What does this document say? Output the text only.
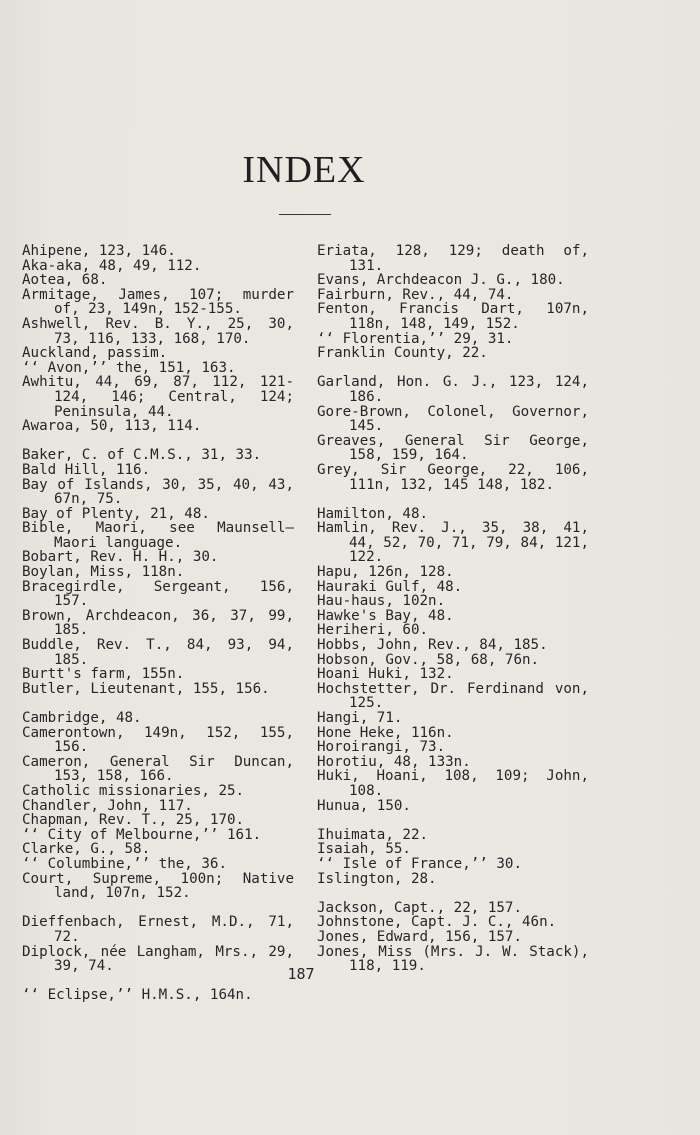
INDEX
Ahipene, 123, 146.
Aka-aka, 48, 49, 112.
Aotea, 68.
Armitage, James, 107; murder of, 23, 149n, 152-155.
Ashwell, Rev. B. Y., 25, 30, 73, 116, 133, 168, 170.
Auckland, passim.
‘‘ Avon,’’ the, 151, 163.
Awhitu, 44, 69, 87, 112, 121-124, 146; Central, 124; Peninsula, 44.
Awaroa, 50, 113, 114.
Baker, C. of C.M.S., 31, 33.
Bald Hill, 116.
Bay of Islands, 30, 35, 40, 43, 67n, 75.
Bay of Plenty, 21, 48.
Bible, Maori, see Maunsell— Maori language.
Bobart, Rev. H. H., 30.
Boylan, Miss, 118n.
Bracegirdle, Sergeant, 156, 157.
Brown, Archdeacon, 36, 37, 99, 185.
Buddle, Rev. T., 84, 93, 94, 185.
Burtt's farm, 155n.
Butler, Lieutenant, 155, 156.
Cambridge, 48.
Camerontown, 149n, 152, 155, 156.
Cameron, General Sir Duncan, 153, 158, 166.
Catholic missionaries, 25.
Chandler, John, 117.
Chapman, Rev. T., 25, 170.
‘‘ City of Melbourne,’’ 161.
Clarke, G., 58.
‘‘ Columbine,’’ the, 36.
Court, Supreme, 100n; Native land, 107n, 152.
Dieffenbach, Ernest, M.D., 71, 72.
Diplock, née Langham, Mrs., 29, 39, 74.
‘‘ Eclipse,’’ H.M.S., 164n.
Eriata, 128, 129; death of, 131.
Evans, Archdeacon J. G., 180.
Fairburn, Rev., 44, 74.
Fenton, Francis Dart, 107n, 118n, 148, 149, 152.
‘‘ Florentia,’’ 29, 31.
Franklin County, 22.
Garland, Hon. G. J., 123, 124, 186.
Gore-Brown, Colonel, Governor, 145.
Greaves, General Sir George, 158, 159, 164.
Grey, Sir George, 22, 106, 111n, 132, 145 148, 182.
Hamilton, 48.
Hamlin, Rev. J., 35, 38, 41, 44, 52, 70, 71, 79, 84, 121, 122.
Hapu, 126n, 128.
Hauraki Gulf, 48.
Hau-haus, 102n.
Hawke's Bay, 48.
Heriheri, 60.
Hobbs, John, Rev., 84, 185.
Hobson, Gov., 58, 68, 76n.
Hoani Huki, 132.
Hochstetter, Dr. Ferdinand von, 125.
Hangi, 71.
Hone Heke, 116n.
Horoirangi, 73.
Horotiu, 48, 133n.
Huki, Hoani, 108, 109; John, 108.
Hunua, 150.
Ihuimata, 22.
Isaiah, 55.
‘‘ Isle of France,’’ 30.
Islington, 28.
Jackson, Capt., 22, 157.
Johnstone, Capt. J. C., 46n.
Jones, Edward, 156, 157.
Jones, Miss (Mrs. J. W. Stack), 118, 119.
187
